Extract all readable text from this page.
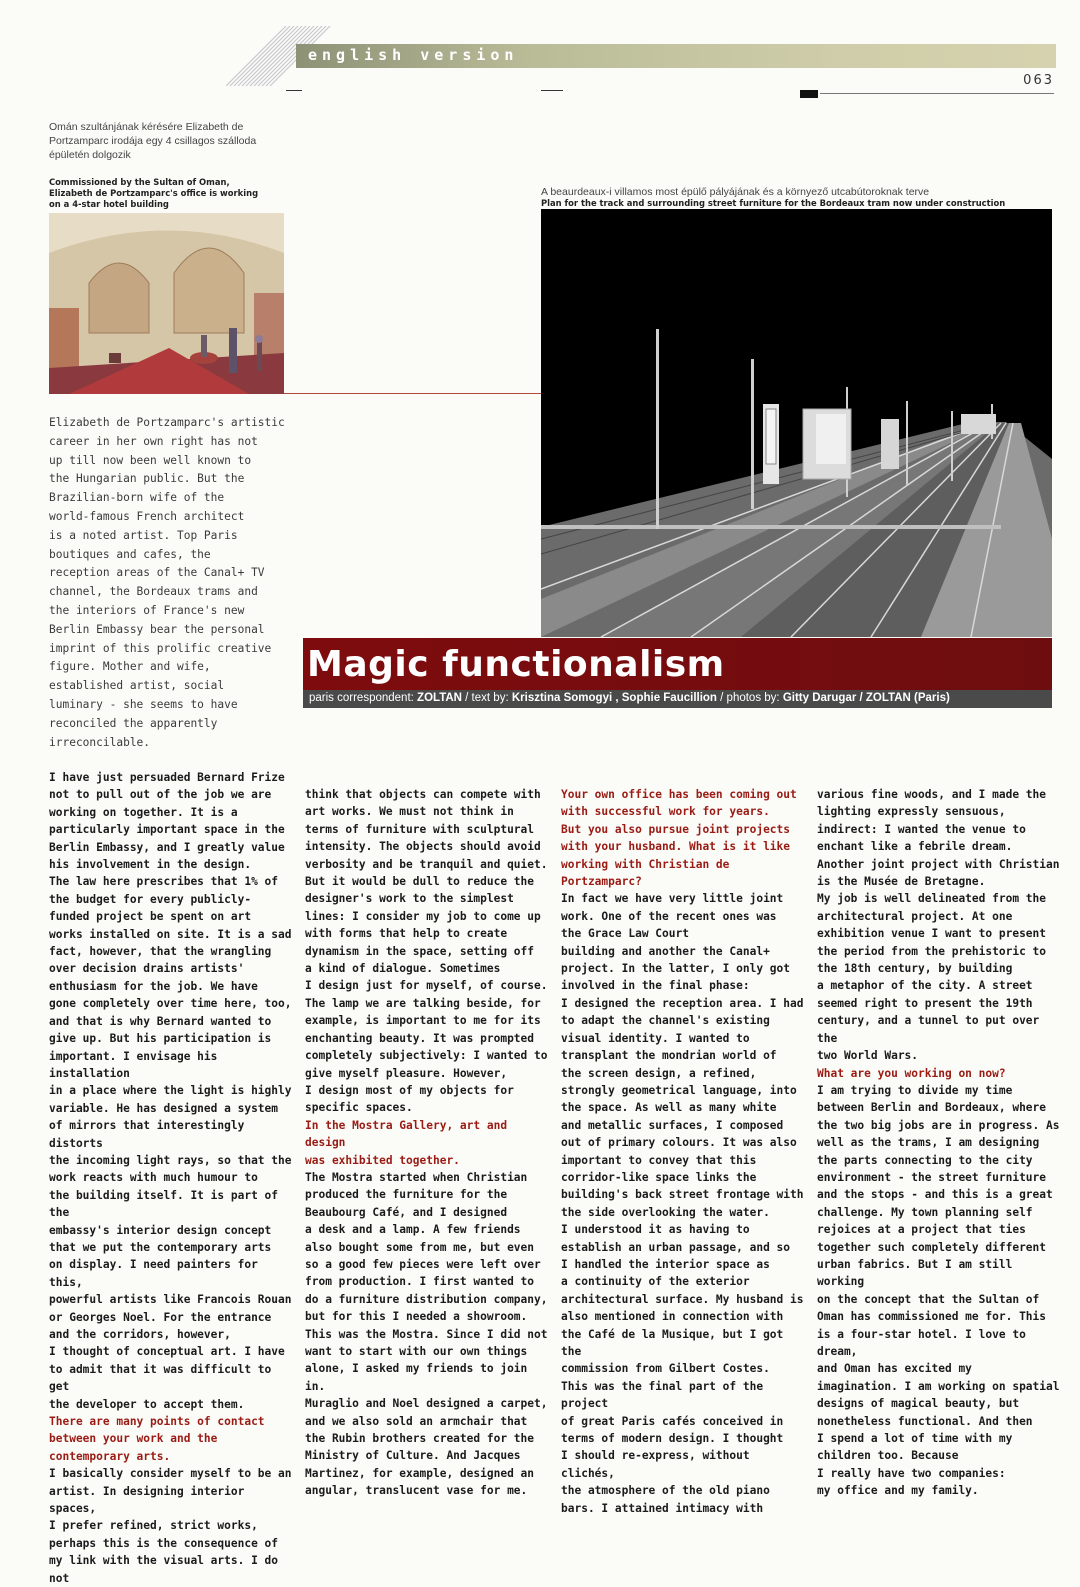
english version
063
Omán szultánjának kérésére Elizabeth de
Portzamparc irodája egy 4 csillagos szálloda
épületén dolgozik
Commissioned by the Sultan of Oman,
Elizabeth de Portzamparc's office is working
on a 4-star hotel building
A beaurdeaux-i villamos most épülő pályájának és a környező utcabútoroknak terve
Plan for the track and surrounding street furniture for the Bordeaux tram now under construction
Elizabeth de Portzamparc's artistic
career in her own right has not
up till now been well known to
the Hungarian public. But the
Brazilian-born wife of the
world-famous French architect
is a noted artist. Top Paris
boutiques and cafes, the
reception areas of the Canal+ TV
channel, the Bordeaux trams and
the interiors of France's new
Berlin Embassy bear the personal
imprint of this prolific creative
figure. Mother and wife,
established artist, social
luminary - she seems to have
reconciled the apparently
irreconcilable.
Magic functionalism
paris correspondent: ZOLTAN / text by: Krisztina Somogyi , Sophie Faucillion / photos by: Gitty Darugar / ZOLTAN (Paris)

I have just persuaded Bernard Frize
not to pull out of the job we are
working on together. It is a
particularly important space in the
Berlin Embassy, and I greatly value
his involvement in the design.
The law here prescribes that 1% of
the budget for every publicly-
funded project be spent on art
works installed on site. It is a sad
fact, however, that the wrangling
over decision drains artists'
enthusiasm for the job. We have
gone completely over time here, too,
and that is why Bernard wanted to
give up. But his participation is
important. I envisage his installation
in a place where the light is highly
variable. He has designed a system
of mirrors that interestingly distorts
the incoming light rays, so that the
work reacts with much humour to
the building itself. It is part of the
embassy's interior design concept
that we put the contemporary arts
on display. I need painters for this,
powerful artists like Francois Rouan
or Georges Noel. For the entrance
and the corridors, however,
I thought of conceptual art. I have
to admit that it was difficult to get
the developer to accept them.

There are many points of contact
between your work and the
contemporary arts.

I basically consider myself to be an
artist. In designing interior spaces,
I prefer refined, strict works,
perhaps this is the consequence of
my link with the visual arts. I do not

think that objects can compete with
art works. We must not think in
terms of furniture with sculptural
intensity. The objects should avoid
verbosity and be tranquil and quiet.
But it would be dull to reduce the
designer's work to the simplest
lines: I consider my job to come up
with forms that help to create
dynamism in the space, setting off
a kind of dialogue. Sometimes
I design just for myself, of course.
The lamp we are talking beside, for
example, is important to me for its
enchanting beauty. It was prompted
completely subjectively: I wanted to
give myself pleasure. However,
I design most of my objects for
specific spaces.

In the Mostra Gallery, art and design
was exhibited together.

The Mostra started when Christian
produced the furniture for the
Beaubourg Café, and I designed
a desk and a lamp. A few friends
also bought some from me, but even
so a good few pieces were left over
from production. I first wanted to
do a furniture distribution company,
but for this I needed a showroom.
This was the Mostra. Since I did not
want to start with our own things
alone, I asked my friends to join in.
Muraglio and Noel designed a carpet,
and we also sold an armchair that
the Rubin brothers created for the
Ministry of Culture. And Jacques
Martinez, for example, designed an
angular, translucent vase for me.

Your own office has been coming out
with successful work for years.
But you also pursue joint projects
with your husband. What is it like
working with Christian de
Portzamparc?

In fact we have very little joint
work. One of the recent ones was
the Grace Law Court
building and another the Canal+
project. In the latter, I only got
involved in the final phase:
I designed the reception area. I had
to adapt the channel's existing
visual identity. I wanted to
transplant the mondrian world of
the screen design, a refined,
strongly geometrical language, into
the space. As well as many white
and metallic surfaces, I composed
out of primary colours. It was also
important to convey that this
corridor-like space links the
building's back street frontage with
the side overlooking the water.
I understood it as having to
establish an urban passage, and so
I handled the interior space as
a continuity of the exterior
architectural surface. My husband is
also mentioned in connection with
the Café de la Musique, but I got the
commission from Gilbert Costes.
This was the final part of the project
of great Paris cafés conceived in
terms of modern design. I thought
I should re-express, without clichés,
the atmosphere of the old piano
bars. I attained intimacy with

various fine woods, and I made the
lighting expressly sensuous,
indirect: I wanted the venue to
enchant like a febrile dream.
Another joint project with Christian
is the Musée de Bretagne.
My job is well delineated from the
architectural project. At one
exhibition venue I want to present
the period from the prehistoric to
the 18th century, by building
a metaphor of the city. A street
seemed right to present the 19th
century, and a tunnel to put over the
two World Wars.

What are you working on now?

I am trying to divide my time
between Berlin and Bordeaux, where
the two big jobs are in progress. As
well as the trams, I am designing
the parts connecting to the city
environment - the street furniture
and the stops - and this is a great
challenge. My town planning self
rejoices at a project that ties
together such completely different
urban fabrics. But I am still working
on the concept that the Sultan of
Oman has commissioned me for. This
is a four-star hotel. I love to dream,
and Oman has excited my
imagination. I am working on spatial
designs of magical beauty, but
nonetheless functional. And then
I spend a lot of time with my
children too. Because
I really have two companies:
my office and my family.
